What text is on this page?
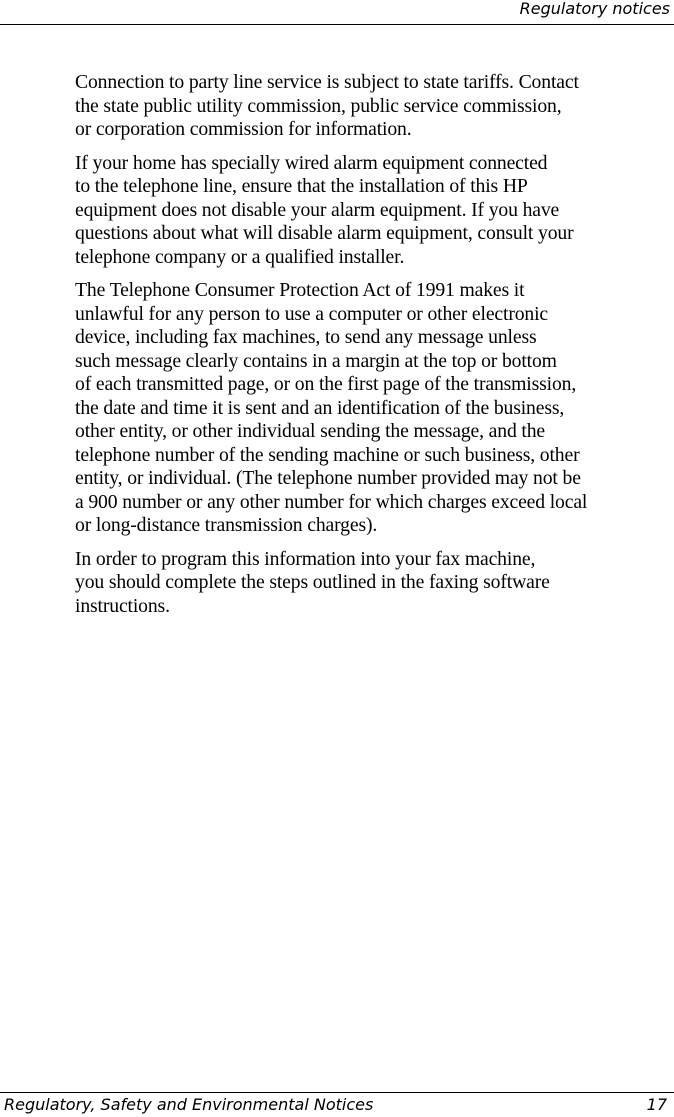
Regulatory notices

Connection to party line service is subject to state tariffs. Contact
the state public utility commission, public service commission,
or corporation commission for information.

If your home has specially wired alarm equipment connected
to the telephone line, ensure that the installation of this HP
equipment does not disable your alarm equipment. If you have
questions about what will disable alarm equipment, consult your
telephone company or a qualified installer.

The Telephone Consumer Protection Act of 1991 makes it
unlawful for any person to use a computer or other electronic
device, including fax machines, to send any message unless
such message clearly contains in a margin at the top or bottom
of each transmitted page, or on the first page of the transmission,
the date and time it is sent and an identification of the business,
other entity, or other individual sending the message, and the
telephone number of the sending machine or such business, other
entity, or individual. (The telephone number provided may not be
a 900 number or any other number for which charges exceed local
or long-distance transmission charges).

In order to program this information into your fax machine,
you should complete the steps outlined in the faxing software
instructions.

Regulatory, Safety and Environmental Notices	17
